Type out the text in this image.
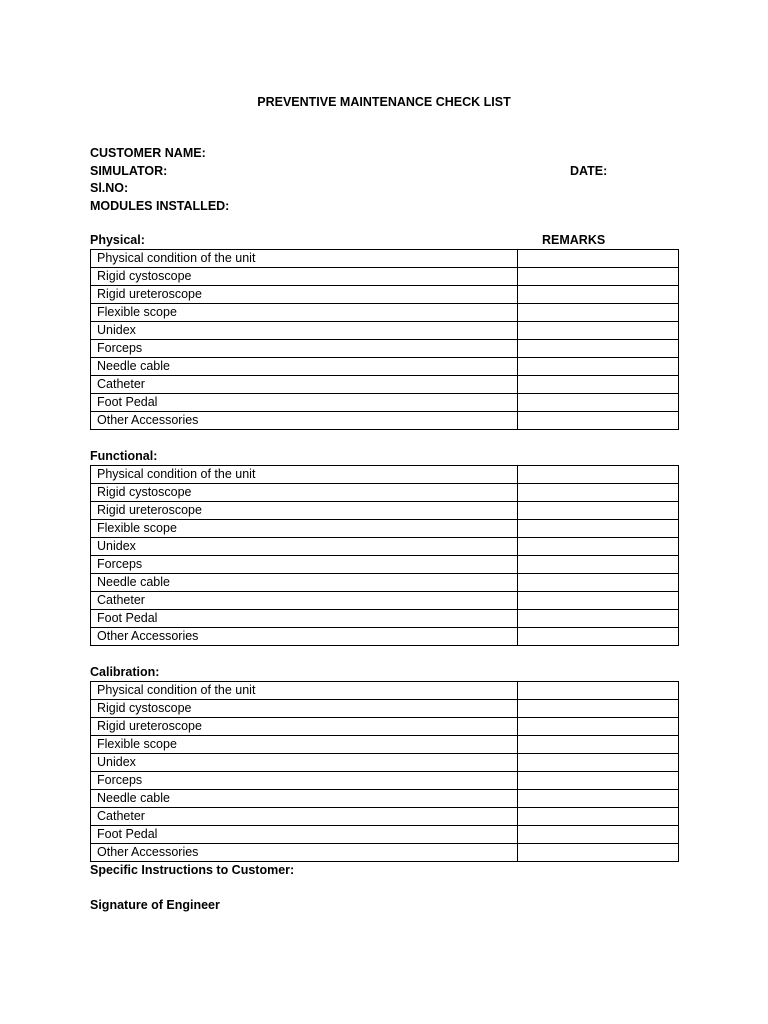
PREVENTIVE MAINTENANCE CHECK LIST
CUSTOMER NAME:
SIMULATOR:	DATE:
Sl.NO:
MODULES INSTALLED:
Physical:	REMARKS
Physical condition of the unit	
Rigid cystoscope	
Rigid ureteroscope	
Flexible scope	
Unidex	
Forceps	
Needle cable	
Catheter	
Foot Pedal	
Other Accessories	
Functional:
Physical condition of the unit	
Rigid cystoscope	
Rigid ureteroscope	
Flexible scope	
Unidex	
Forceps	
Needle cable	
Catheter	
Foot Pedal	
Other Accessories	
Calibration:
Physical condition of the unit	
Rigid cystoscope	
Rigid ureteroscope	
Flexible scope	
Unidex	
Forceps	
Needle cable	
Catheter	
Foot Pedal	
Other Accessories	
Specific Instructions to Customer:
Signature of Engineer
